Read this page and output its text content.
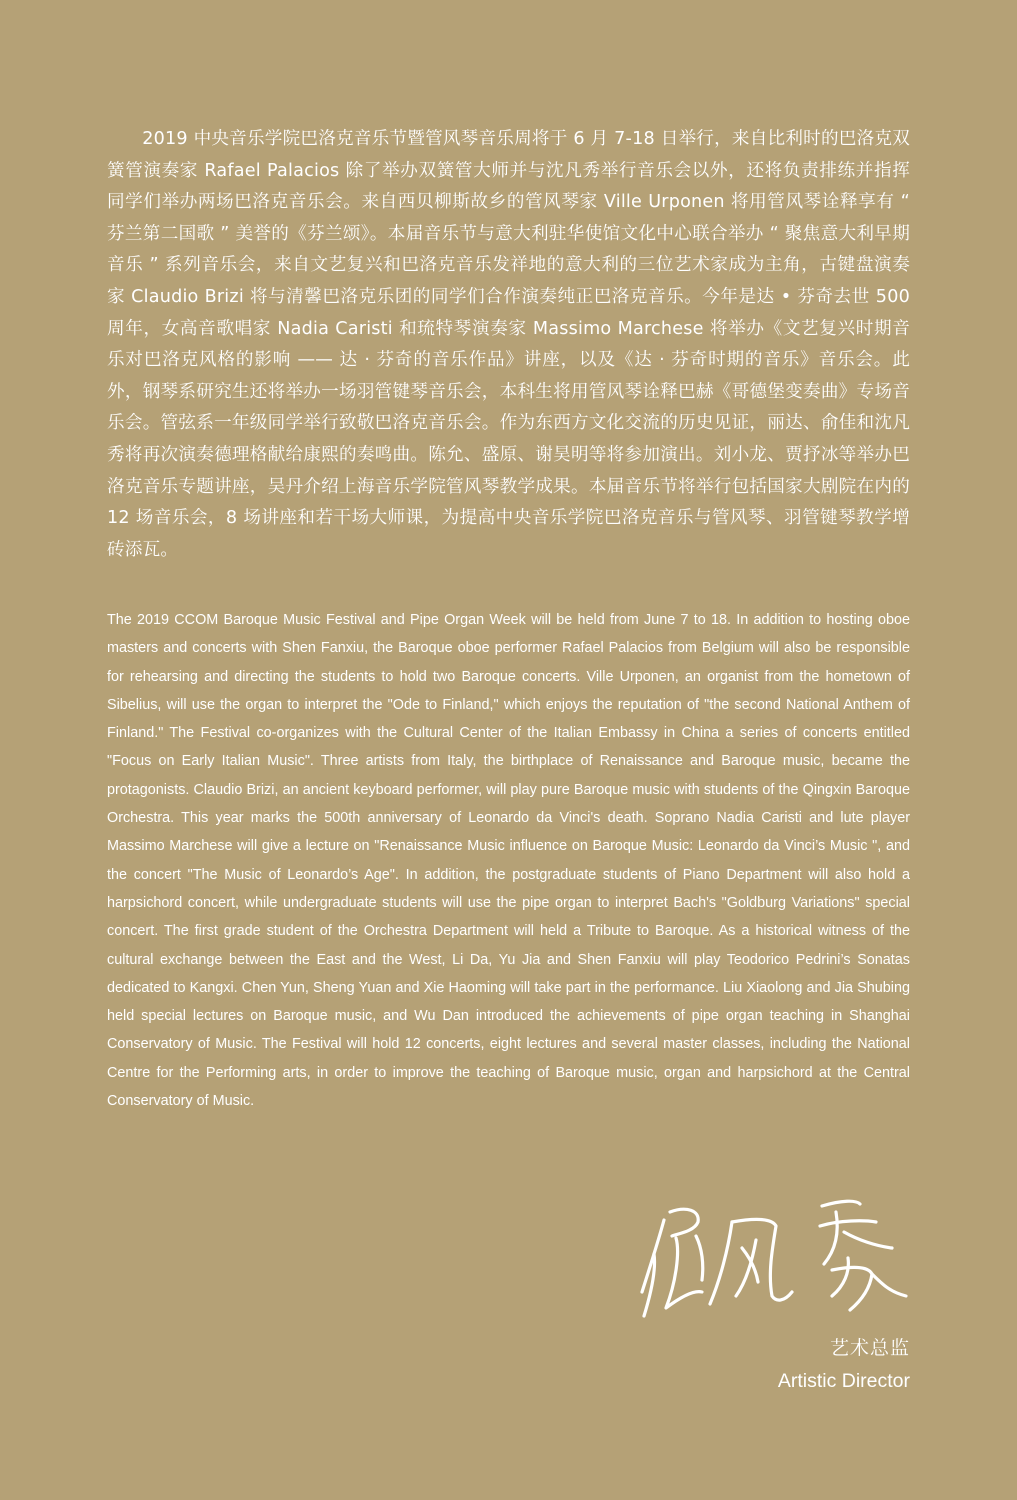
2019 中央音乐学院巴洛克音乐节暨管风琴音乐周将于 6 月 7-18 日举行，来自比利时的巴洛克双簧管演奏家 Rafael Palacios 除了举办双簧管大师并与沈凡秀举行音乐会以外，还将负责排练并指挥同学们举办两场巴洛克音乐会。来自西贝柳斯故乡的管风琴家 Ville Urponen 将用管风琴诠释享有 “ 芬兰第二国歌 ” 美誉的《芬兰颂》。本届音乐节与意大利驻华使馆文化中心联合举办 “ 聚焦意大利早期音乐 ” 系列音乐会，来自文艺复兴和巴洛克音乐发祥地的意大利的三位艺术家成为主角，古键盘演奏家 Claudio Brizi 将与清馨巴洛克乐团的同学们合作演奏纯正巴洛克音乐。今年是达 • 芬奇去世 500 周年，女高音歌唱家 Nadia Caristi 和琉特琴演奏家 Massimo Marchese 将举办《文艺复兴时期音乐对巴洛克风格的影响 —— 达 · 芬奇的音乐作品》讲座，以及《达 · 芬奇时期的音乐》音乐会。此外，钢琴系研究生还将举办一场羽管键琴音乐会，本科生将用管风琴诠释巴赫《哥德堡变奏曲》专场音乐会。管弦系一年级同学举行致敬巴洛克音乐会。作为东西方文化交流的历史见证，丽达、俞佳和沈凡秀将再次演奏德理格献给康熙的奏鸣曲。陈允、盛原、谢昊明等将参加演出。刘小龙、贾抒冰等举办巴洛克音乐专题讲座，吴丹介绍上海音乐学院管风琴教学成果。本届音乐节将举行包括国家大剧院在内的 12 场音乐会，8 场讲座和若干场大师课，为提高中央音乐学院巴洛克音乐与管风琴、羽管键琴教学增砖添瓦。

The 2019 CCOM Baroque Music Festival and Pipe Organ Week will be held from June 7 to 18. In addition to hosting oboe masters and concerts with Shen Fanxiu, the Baroque oboe performer Rafael Palacios from Belgium will also be responsible for rehearsing and directing the students to hold two Baroque concerts. Ville Urponen, an organist from the hometown of Sibelius, will use the organ to interpret the "Ode to Finland," which enjoys the reputation of "the second National Anthem of Finland." The Festival co-organizes with the Cultural Center of the Italian Embassy in China a series of concerts entitled "Focus on Early Italian Music". Three artists from Italy, the birthplace of Renaissance and Baroque music, became the protagonists. Claudio Brizi, an ancient keyboard performer, will play pure Baroque music with students of the Qingxin Baroque Orchestra. This year marks the 500th anniversary of Leonardo da Vinci's death. Soprano Nadia Caristi and lute player Massimo Marchese will give a lecture on "Renaissance Music influence on Baroque Music: Leonardo da Vinci’s Music ", and the concert "The Music of Leonardo’s Age". In addition, the postgraduate students of Piano Department will also hold a harpsichord concert, while undergraduate students will use the pipe organ to interpret Bach's "Goldburg Variations" special concert. The first grade student of the Orchestra Department will held a Tribute to Baroque. As a historical witness of the cultural exchange between the East and the West, Li Da, Yu Jia and Shen Fanxiu will play Teodorico Pedrini’s Sonatas dedicated to Kangxi. Chen Yun, Sheng Yuan and Xie Haoming will take part in the performance. Liu Xiaolong and Jia Shubing held special lectures on Baroque music, and Wu Dan introduced the achievements of pipe organ teaching in Shanghai Conservatory of Music. The Festival will hold 12 concerts, eight lectures and several master classes, including the National Centre for the Performing arts, in order to improve the teaching of Baroque music, organ and harpsichord at the Central Conservatory of Music.

艺术总监
Artistic Director
